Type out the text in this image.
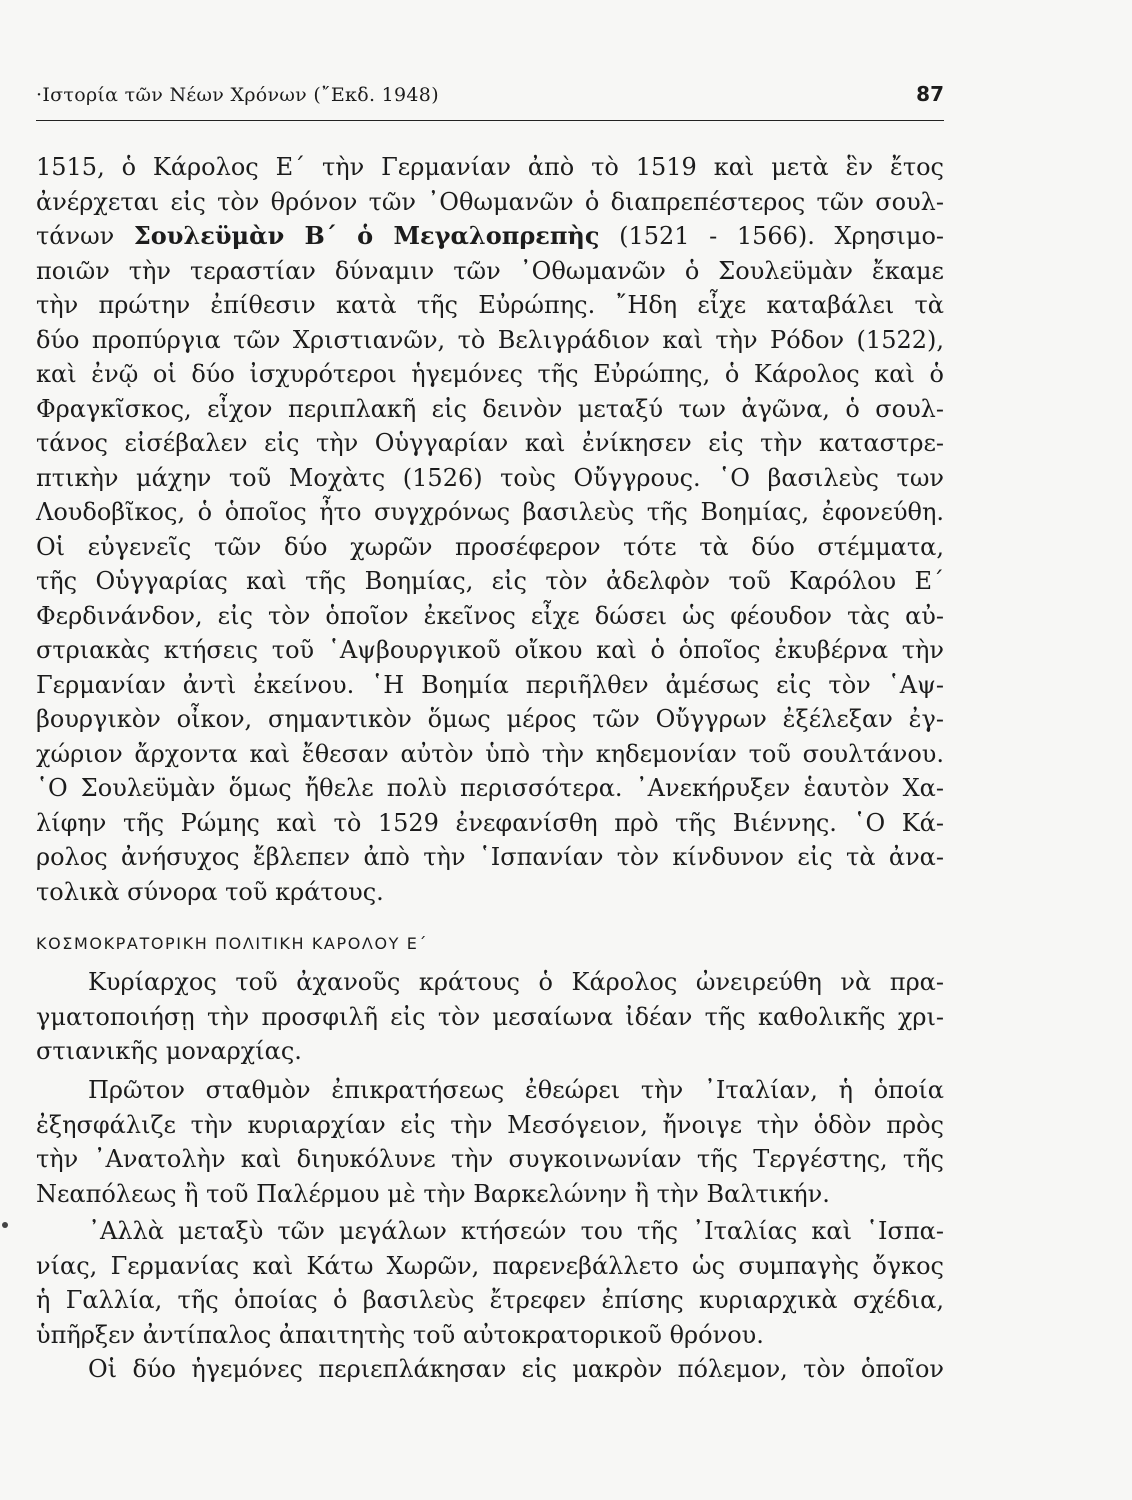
·Ιστορία τῶν Νέων Χρόνων (῎Εκδ. 1948)	87
1515, ὁ Κάρολος Ε΄ τὴν Γερμανίαν ἀπὸ τὸ 1519 καὶ μετὰ ἓν ἔτος
ἀνέρχεται εἰς τὸν θρόνον τῶν ᾿Οθωμανῶν ὁ διαπρεπέστερος τῶν σουλ-
τάνων Σουλεϋμὰν Β΄ ὁ Μεγαλοπρεπὴς (1521 - 1566). Χρησιμο-
ποιῶν τὴν τεραστίαν δύναμιν τῶν ᾿Οθωμανῶν ὁ Σουλεϋμὰν ἔκαμε
τὴν πρώτην ἐπίθεσιν κατὰ τῆς Εὐρώπης. ῎Ηδη εἶχε καταβάλει τὰ
δύο προπύργια τῶν Χριστιανῶν, τὸ Βελιγράδιον καὶ τὴν Ρόδον (1522),
καὶ ἐνῷ οἱ δύο ἰσχυρότεροι ἡγεμόνες τῆς Εὐρώπης, ὁ Κάρολος καὶ ὁ
Φραγκῖσκος, εἶχον περιπλακῆ εἰς δεινὸν μεταξύ των ἀγῶνα, ὁ σουλ-
τάνος εἰσέβαλεν εἰς τὴν Οὑγγαρίαν καὶ ἐνίκησεν εἰς τὴν καταστρε-
πτικὴν μάχην τοῦ Μοχὰτς (1526) τοὺς Οὔγγρους. ῾Ο βασιλεὺς των
Λουδοβῖκος, ὁ ὁποῖος ἦτο συγχρόνως βασιλεὺς τῆς Βοημίας, ἐφονεύθη.
Οἱ εὐγενεῖς τῶν δύο χωρῶν προσέφερον τότε τὰ δύο στέμματα,
τῆς Οὑγγαρίας καὶ τῆς Βοημίας, εἰς τὸν ἀδελφὸν τοῦ Καρόλου Ε΄
Φερδινάνδον, εἰς τὸν ὁποῖον ἐκεῖνος εἶχε δώσει ὡς φέουδον τὰς αὐ-
στριακὰς κτήσεις τοῦ ῾Αψβουργικοῦ οἴκου καὶ ὁ ὁποῖος ἐκυβέρνα τὴν
Γερμανίαν ἀντὶ ἐκείνου. ῾Η Βοημία περιῆλθεν ἀμέσως εἰς τὸν ῾Αψ-
βουργικὸν οἶκον, σημαντικὸν ὅμως μέρος τῶν Οὔγγρων ἐξέλεξαν ἐγ-
χώριον ἄρχοντα καὶ ἔθεσαν αὐτὸν ὑπὸ τὴν κηδεμονίαν τοῦ σουλτάνου.
῾Ο Σουλεϋμὰν ὅμως ἤθελε πολὺ περισσότερα. ᾿Ανεκήρυξεν ἑαυτὸν Χα-
λίφην τῆς Ρώμης καὶ τὸ 1529 ἐνεφανίσθη πρὸ τῆς Βιέννης. ῾Ο Κά-
ρολος ἀνήσυχος ἔβλεπεν ἀπὸ τὴν ῾Ισπανίαν τὸν κίνδυνον εἰς τὰ ἀνα-
τολικὰ σύνορα τοῦ κράτους.
ΚΟΣΜΟΚΡΑΤΟΡΙΚΗ ΠΟΛΙΤΙΚΗ ΚΑΡΟΛΟΥ Ε΄
Κυρίαρχος τοῦ ἀχανοῦς κράτους ὁ Κάρολος ὠνειρεύθη νὰ πρα-
γματοποιήσῃ τὴν προσφιλῆ εἰς τὸν μεσαίωνα ἰδέαν τῆς καθολικῆς χρι-
στιανικῆς μοναρχίας.
Πρῶτον σταθμὸν ἐπικρατήσεως ἐθεώρει τὴν ᾿Ιταλίαν, ἡ ὁποία
ἐξησφάλιζε τὴν κυριαρχίαν εἰς τὴν Μεσόγειον, ἤνοιγε τὴν ὁδὸν πρὸς
τὴν ᾿Ανατολὴν καὶ διηυκόλυνε τὴν συγκοινωνίαν τῆς Τεργέστης, τῆς
Νεαπόλεως ἢ τοῦ Παλέρμου μὲ τὴν Βαρκελώνην ἢ τὴν Βαλτικήν.
᾿Αλλὰ μεταξὺ τῶν μεγάλων κτήσεών του τῆς ᾿Ιταλίας καὶ ῾Ισπα-
νίας, Γερμανίας καὶ Κάτω Χωρῶν, παρενεβάλλετο ὡς συμπαγὴς ὄγκος
ἡ Γαλλία, τῆς ὁποίας ὁ βασιλεὺς ἔτρεφεν ἐπίσης κυριαρχικὰ σχέδια,
ὑπῆρξεν ἀντίπαλος ἀπαιτητὴς τοῦ αὐτοκρατορικοῦ θρόνου.
Οἱ δύο ἡγεμόνες περιεπλάκησαν εἰς μακρὸν πόλεμον, τὸν ὁποῖον
